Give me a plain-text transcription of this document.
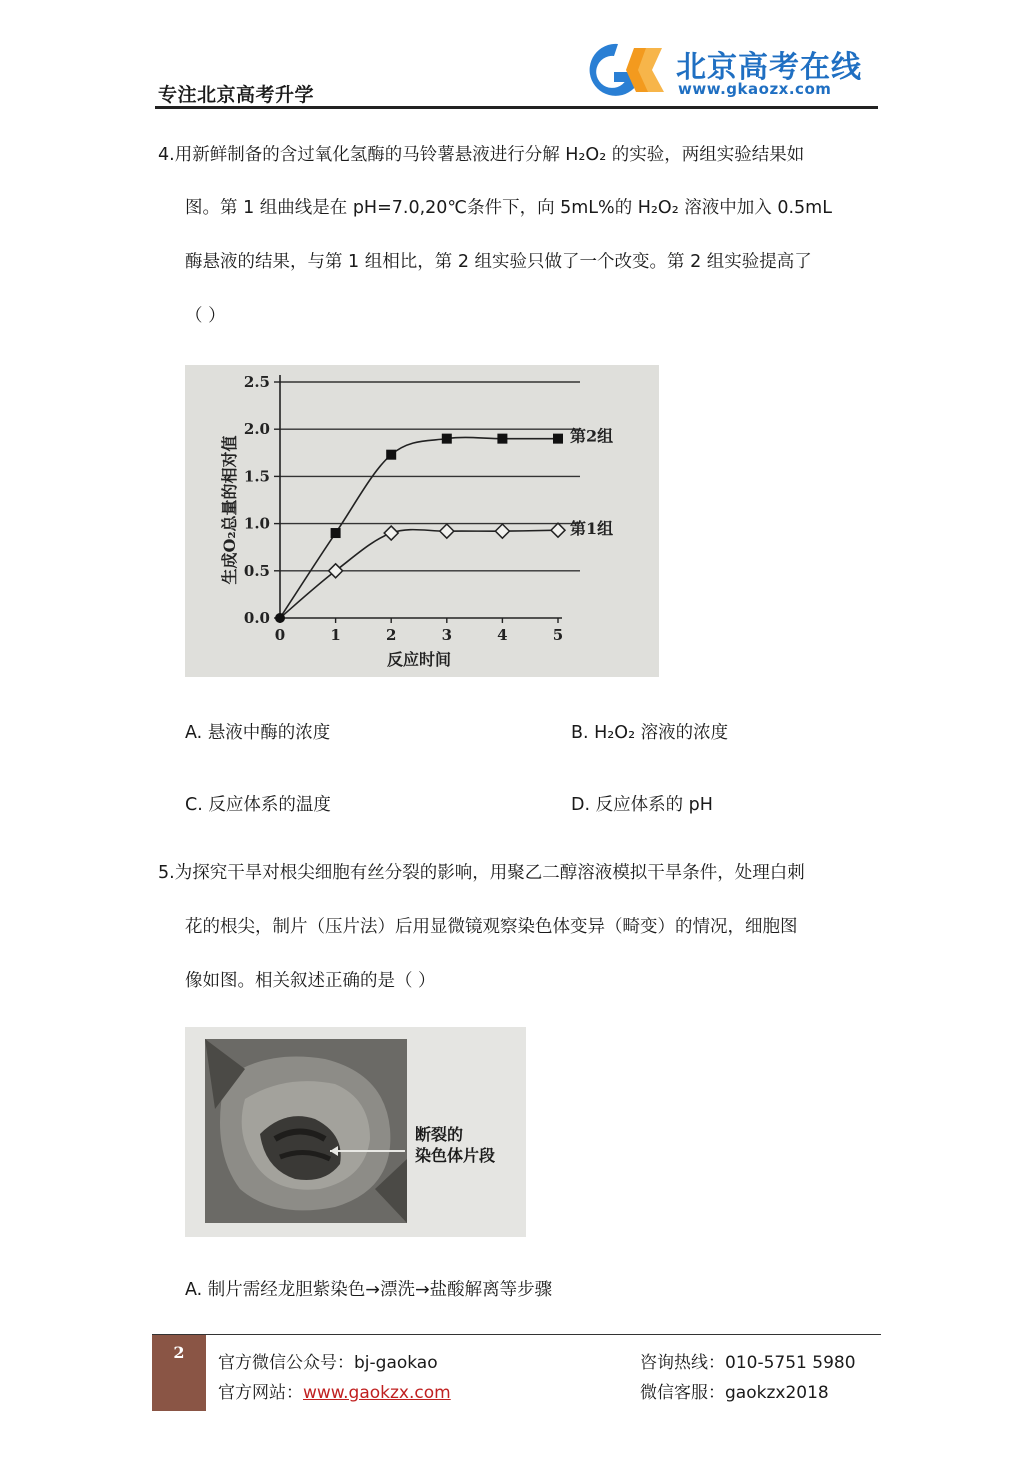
专注北京高考升学
北京高考在线
www.gkaozx.com
4.用新鲜制备的含过氧化氢酶的马铃薯悬液进行分解 H₂O₂ 的实验，两组实验结果如
图。第 1 组曲线是在 pH=7.0,20℃条件下，向 5mL%的 H₂O₂ 溶液中加入 0.5mL
酶悬液的结果，与第 1 组相比，第 2 组实验只做了一个改变。第 2 组实验提高了
（ ）
0.0
0.5
1.0
1.5
2.0
2.5
0	1	2	3	4	5
反应时间
生成O₂总量的相对值	第2组
第1组
A. 悬液中酶的浓度	B. H₂O₂ 溶液的浓度
C. 反应体系的温度	D. 反应体系的 pH
5.为探究干旱对根尖细胞有丝分裂的影响，用聚乙二醇溶液模拟干旱条件，处理白刺
花的根尖，制片（压片法）后用显微镜观察染色体变异（畸变）的情况，细胞图
像如图。相关叙述正确的是（ ）
断裂的
染色体片段
A. 制片需经龙胆紫染色→漂洗→盐酸解离等步骤
2
官方微信公众号：bj-gaokao
官方网站：www.gaokzx.com
咨询热线：010-5751 5980
微信客服：gaokzx2018
